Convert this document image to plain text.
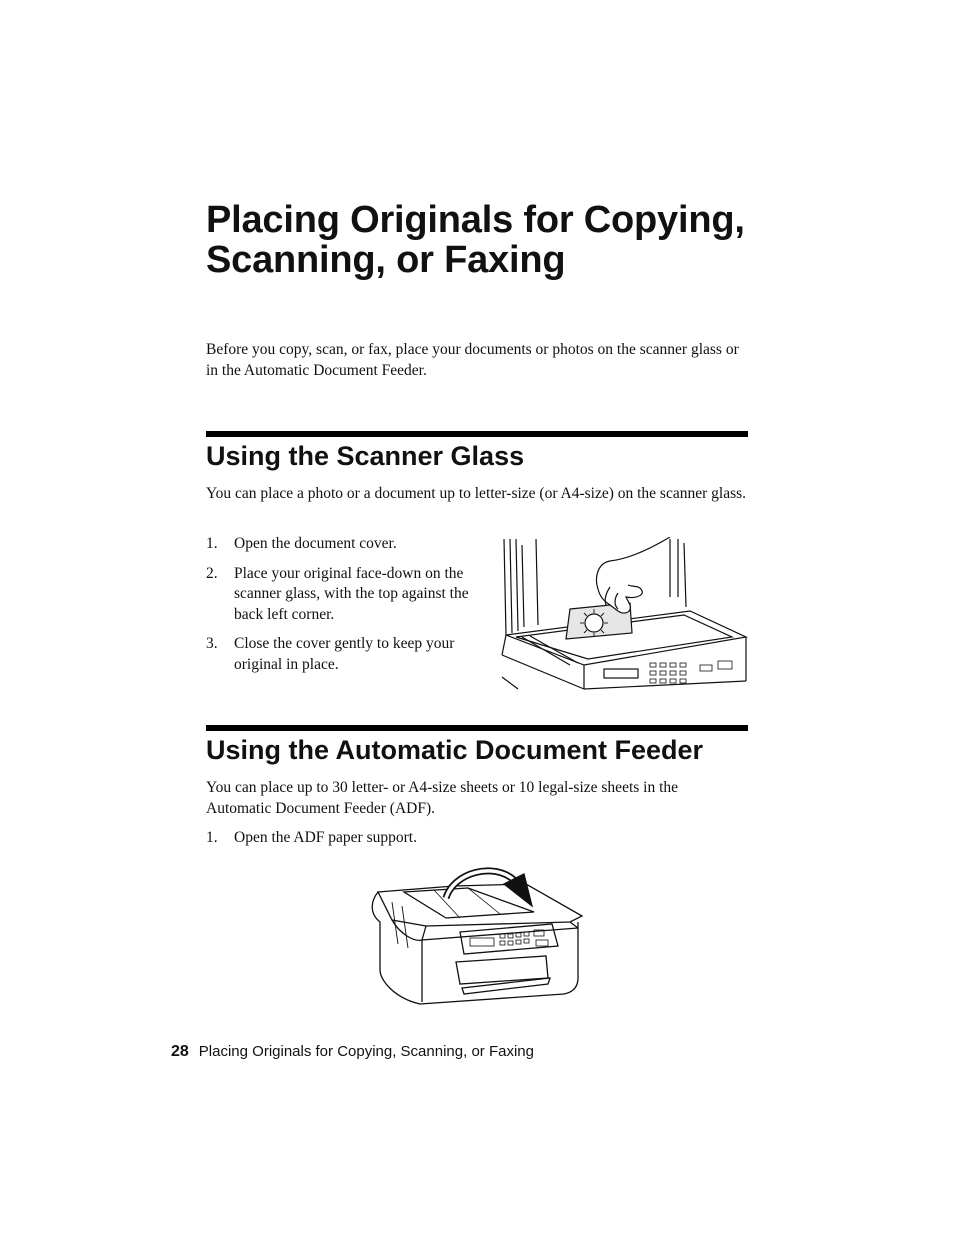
Placing Originals for Copying, Scanning, or Faxing

Before you copy, scan, or fax, place your documents or photos on the scanner glass or in the Automatic Document Feeder.

Using the Scanner Glass

You can place a photo or a document up to letter-size (or A4-size) on the scanner glass.

1. Open the document cover.
2. Place your original face-down on the scanner glass, with the top against the back left corner.
3. Close the cover gently to keep your original in place.
Using the Automatic Document Feeder

You can place up to 30 letter- or A4-size sheets or 10 legal-size sheets in the Automatic Document Feeder (ADF).

1. Open the ADF paper support.
28 Placing Originals for Copying, Scanning, or Faxing
